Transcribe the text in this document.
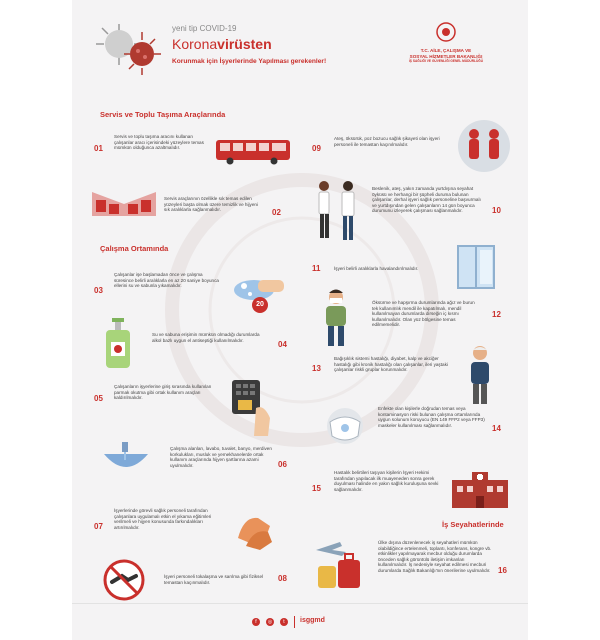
yeni tip COVID-19
Koronavirüsten
Korunmak için İşyerlerinde Yapılması gerekenler!
T.C. AİLE, ÇALIŞMA VE
SOSYAL HİZMETLER BAKANLIĞI
İŞ SAĞLIĞI VE GÜVENLİĞİ GENEL MÜDÜRLÜĞÜ
Servis ve Toplu Taşıma Araçlarında
01
Servis ve toplu taşıma aracını kullanan çalışanlar aracı içerisindeki yüzeylere temas mümkün olduğunca azaltmalıdır.
Servis araçlarının özellikle sık temas edilen yüzeyleri başta olmak üzere temizlik ve hijyeni sık aralıklarla sağlanmalıdır.	02
Çalışma Ortamında
03
Çalışanlar işe başlamadan önce ve çalışma süresince belirli aralıklarla en az 20 saniye boyunca ellerini su ve sabunla yıkamalıdır.
20
Su ve sabuna erişimin mümkün olmadığı durumlarda alkol bazlı uygun el antiseptiği kullanılmalıdır.	04
05
Çalışanların işyerlerine giriş sırasında kullanılan parmak okutma gibi ortak kullanım araçları kaldırılmalıdır.
Çalışma alanları, lavabo, tuvalet, banyo, merdiven korkulukları, musluk ve yemekhanelerde ortak kullanım araçlarında hijyen şartlarına azami uyulmalıdır.	06
07
İşyerlerinde görevli sağlık personeli tarafından çalışanlara uygulamalı etkin el yıkama eğitimleri verilmeli ve hijyen konusunda farkındalıkları artırılmalıdır.
İşyeri personeli tokalaşma ve sarılma gibi fiziksel temastan kaçınmalıdır.	08
09
Ateş, öksürük, poz bozucu sağlık şikayeti olan işyeri personeli ile temastan kaçınılmalıdır.
Beslenik, ateş, yakın zamanda yurtdışına seyahat öyküsü ve herhangi bir şüpheli duruma bulunan çalışanlar, derhal işyeri sağlık personeline başvurmalı ve yurtdışından gelen çalışanların 14 gün boyunca durumunu izleyerek çalışması sağlanmalıdır.	10
11	İşyeri belirli aralıklarla havalandırılmalıdır.
Öksürme ve hapşırma durumlarında ağız ve burun tek kullanımlık mendil ile kapatılmalı, mendil kullanılmayan durumlarda dirseğin iç kısmı kullanılmalıdır. Olan yüz bölgesine temas edilmemelidir.
12
13
Bağışıklık sistemi hastalığı, diyabet, kalp ve akciğer hastalığı gibi kronik hastalığı olan çalışanlar, ileri yaştaki çalışanlar riskli gruplar korunmalıdır.
Enfekte olan kişilerle doğrudan temas veya kontaminasyon riski bulunan çalışma ortamlarında uygun solunum koruyucu (EN 149 FFP2 veya FFP3) maskeler kullanılması sağlanmalıdır.	14
15
Hastalık belirtileri taşıyan kişilerin İşyeri Hekimi tarafından yapılacak ilk muayeneden sonra gerek duyulması halinde en yakın sağlık kuruluşuna sevki sağlanmalıdır.
İş Seyahatlerinde
Ülke dışına düzenlenecek iş seyahatleri mümkün olabildiğince ertelenmeli, toplantı, konferans, kongre vb. etkinlikler yapılmayarak mecbur olduğu durumlarda önceden sağlık görüntülü iletişim imkanları kullanılmalıdır. İş nedeniyle seyahat edilmesi mecburi durumlarda Sağlık Bakanlığı'nın önerilerine uyulmalıdır. 16
f	◎	t	isggmd
